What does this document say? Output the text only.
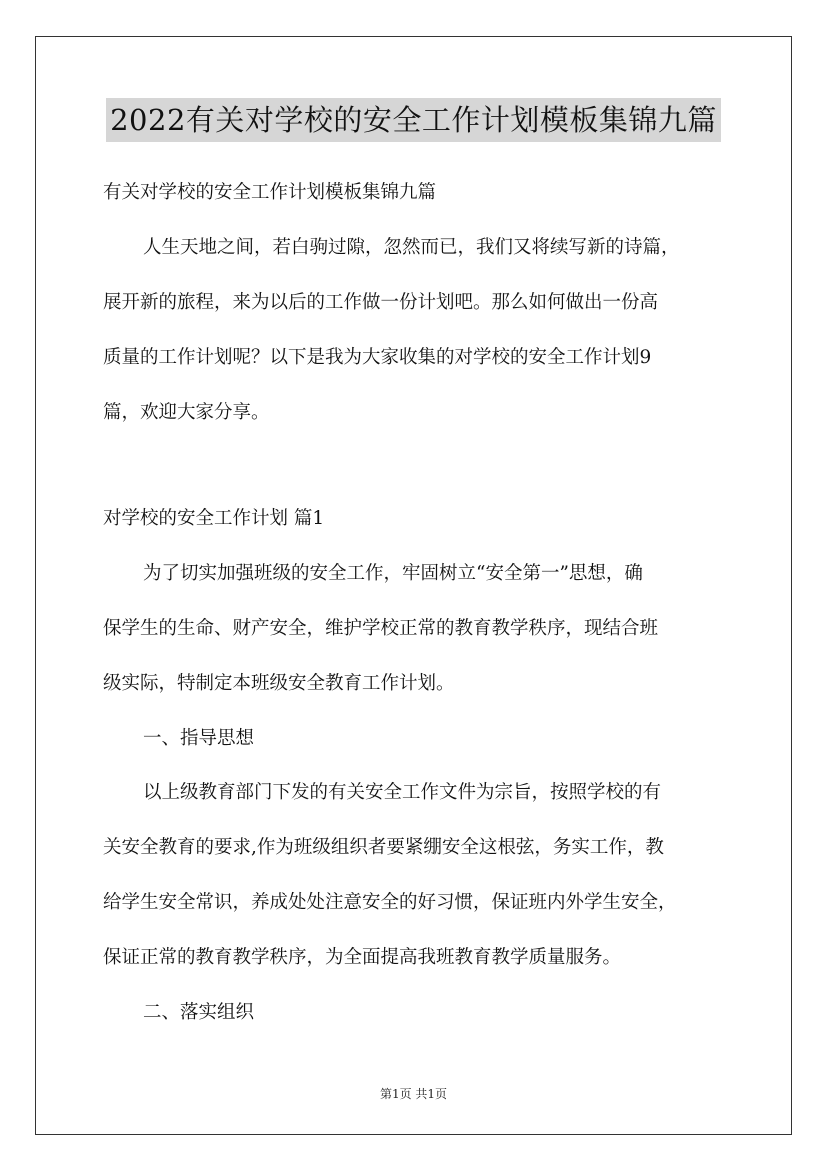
2022有关对学校的安全工作计划模板集锦九篇
有关对学校的安全工作计划模板集锦九篇
人生天地之间，若白驹过隙，忽然而已，我们又将续写新的诗篇，
展开新的旅程，来为以后的工作做一份计划吧。那么如何做出一份高
质量的工作计划呢？以下是我为大家收集的对学校的安全工作计划9
篇，欢迎大家分享。
对学校的安全工作计划 篇1
为了切实加强班级的安全工作，牢固树立“安全第一”思想，确
保学生的生命、财产安全，维护学校正常的教育教学秩序，现结合班
级实际，特制定本班级安全教育工作计划。
一、指导思想
以上级教育部门下发的有关安全工作文件为宗旨，按照学校的有
关安全教育的要求,作为班级组织者要紧绷安全这根弦，务实工作，教
给学生安全常识，养成处处注意安全的好习惯，保证班内外学生安全，
保证正常的教育教学秩序，为全面提高我班教育教学质量服务。
二、落实组织
第1页 共1页
